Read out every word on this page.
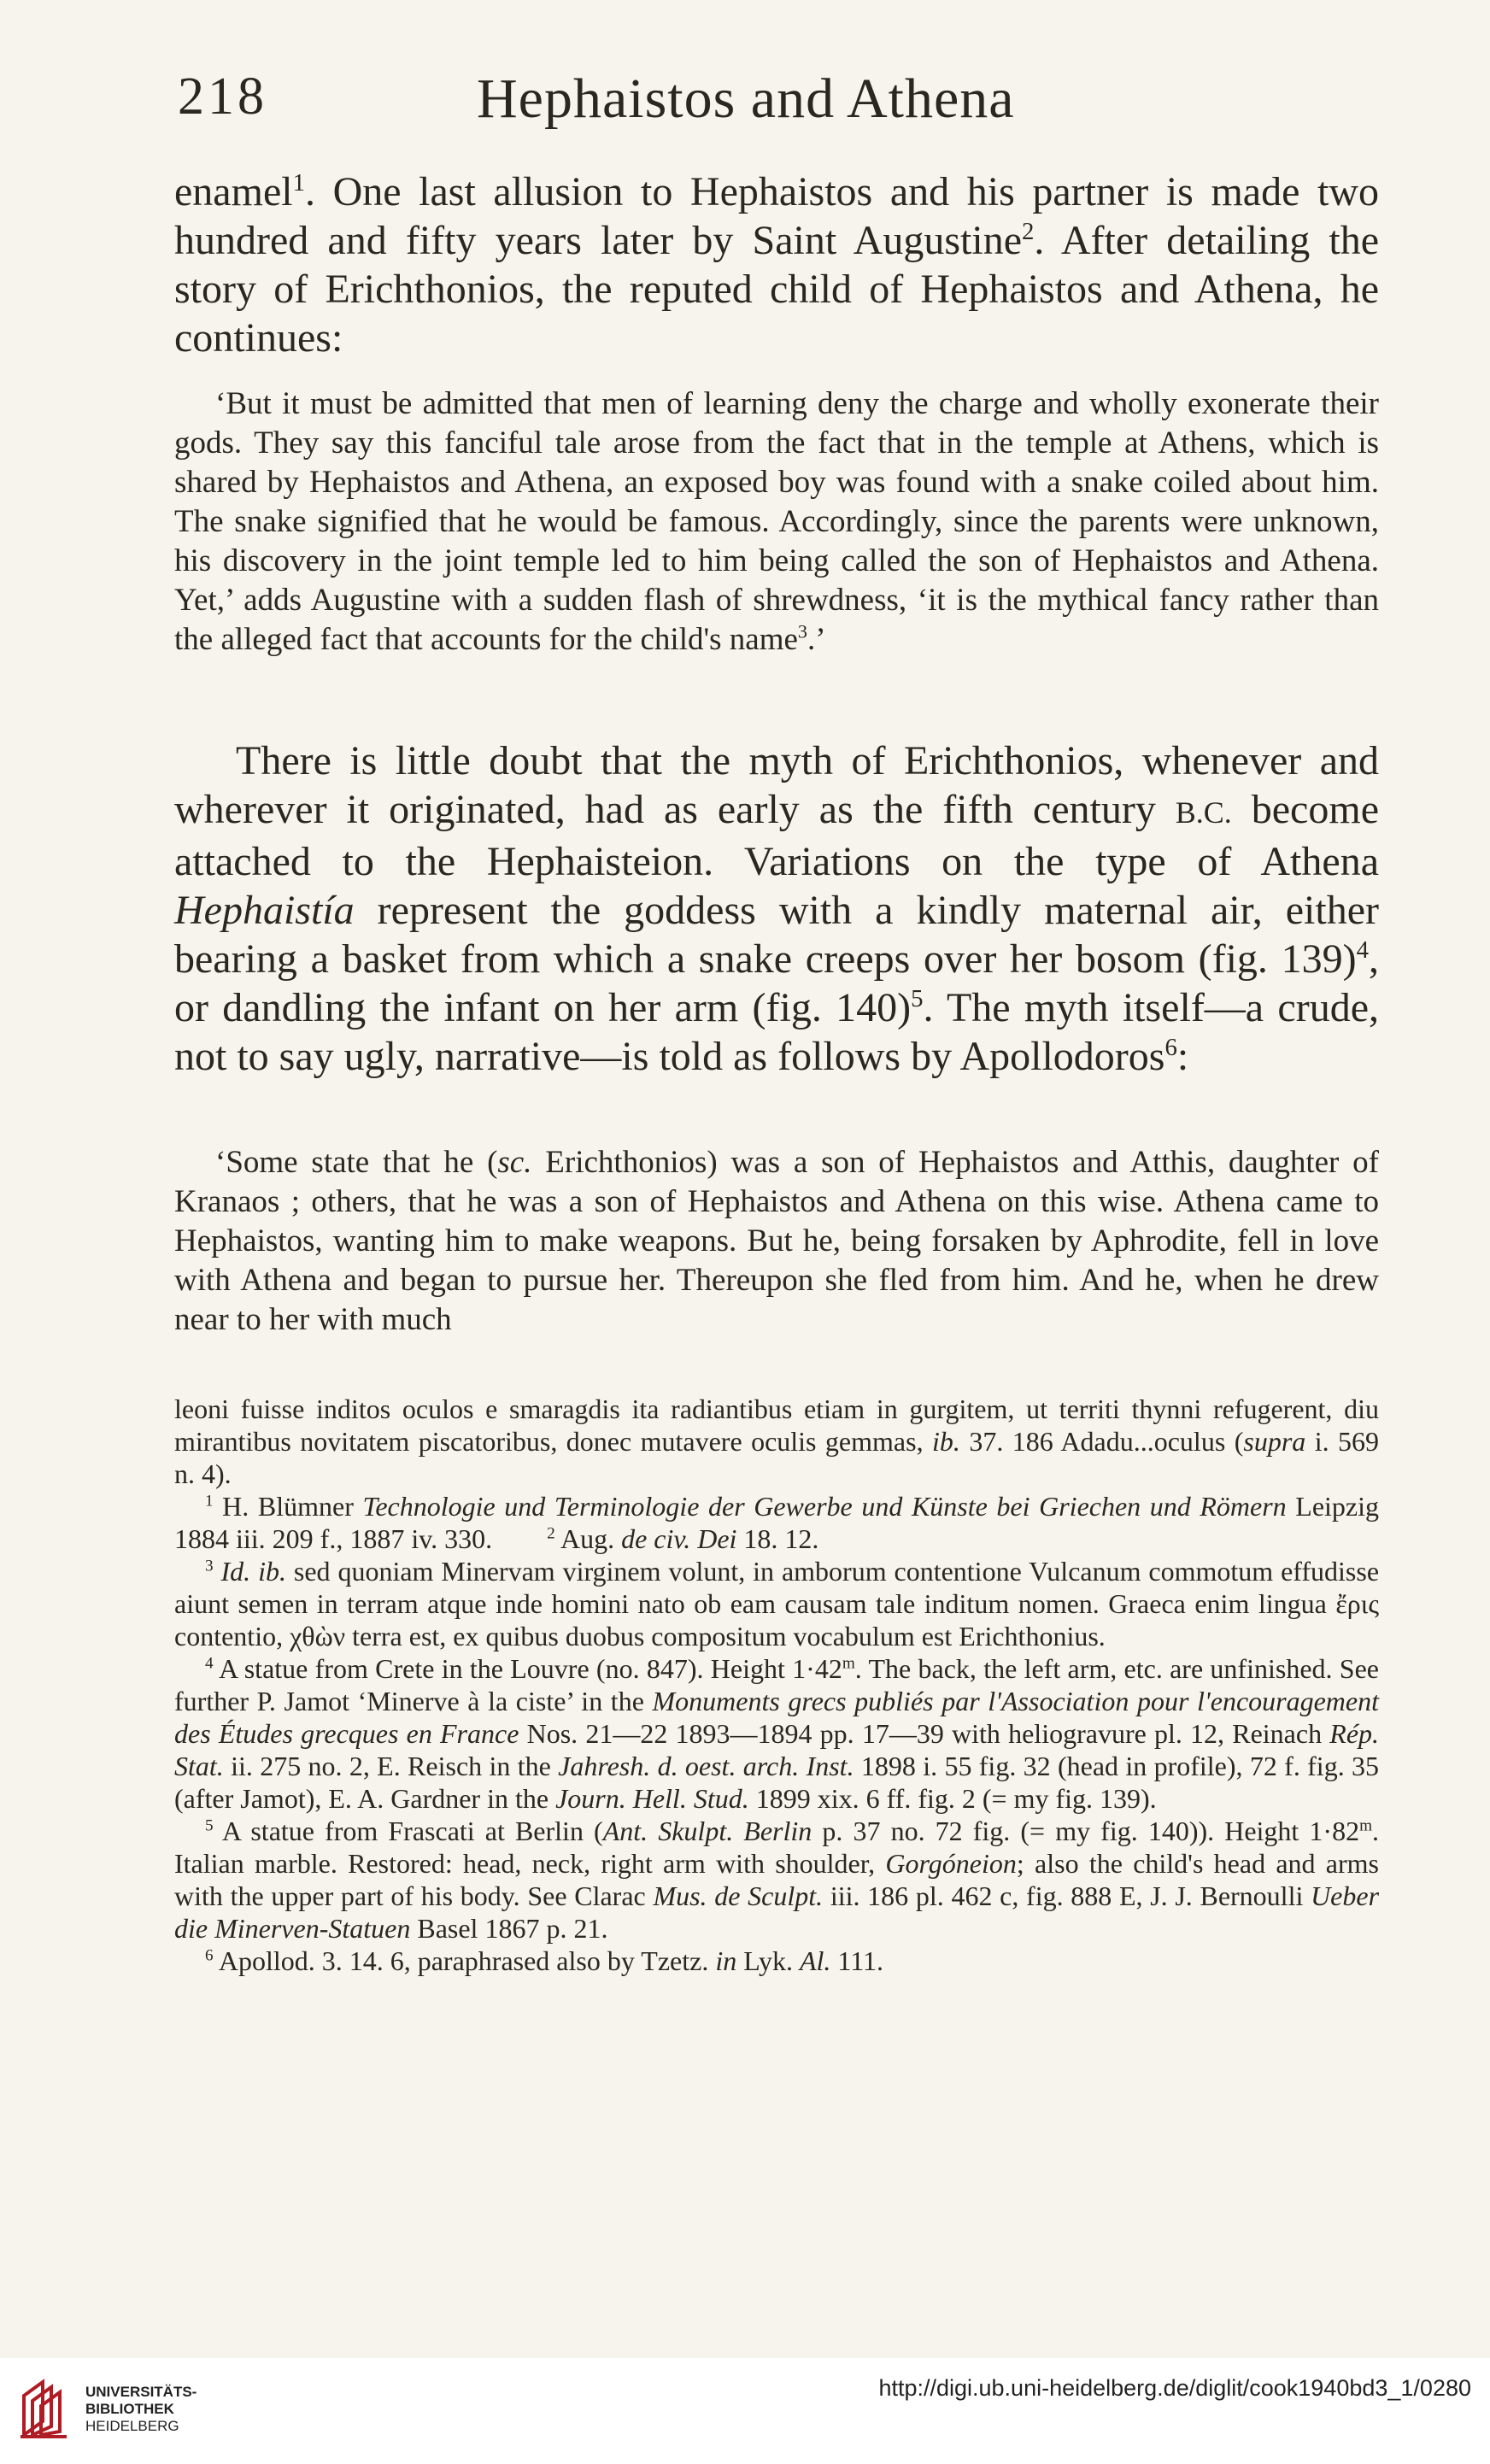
218	Hephaistos and Athena

enamel$^1$. One last allusion to Hephaistos and his partner is made two hundred and fifty years later by Saint Augustine$^2$. After detailing the story of Erichthonios, the reputed child of Hephaistos and Athena, he continues:

‘But it must be admitted that men of learning deny the charge and wholly exonerate their gods. They say this fanciful tale arose from the fact that in the temple at Athens, which is shared by Hephaistos and Athena, an exposed boy was found with a snake coiled about him. The snake signified that he would be famous. Accordingly, since the parents were unknown, his discovery in the joint temple led to him being called the son of Hephaistos and Athena. Yet,’ adds Augustine with a sudden flash of shrewdness, ‘it is the mythical fancy rather than the alleged fact that accounts for the child's name$^3$.’

There is little doubt that the myth of Erichthonios, whenever and wherever it originated, had as early as the fifth century B.C. become attached to the Hephaisteion. Variations on the type of Athena Hephaistía represent the goddess with a kindly maternal air, either bearing a basket from which a snake creeps over her bosom (fig. 139)$^4$, or dandling the infant on her arm (fig. 140)$^5$. The myth itself—a crude, not to say ugly, narrative—is told as follows by Apollodoros$^6$:

‘Some state that he (sc. Erichthonios) was a son of Hephaistos and Atthis, daughter of Kranaos ; others, that he was a son of Hephaistos and Athena on this wise. Athena came to Hephaistos, wanting him to make weapons. But he, being forsaken by Aphrodite, fell in love with Athena and began to pursue her. Thereupon she fled from him. And he, when he drew near to her with much

leoni fuisse inditos oculos e smaragdis ita radiantibus etiam in gurgitem, ut territi thynni refugerent, diu mirantibus novitatem piscatoribus, donec mutavere oculis gemmas, ib. 37. 186 Adadu...oculus (supra i. 569 n. 4).

$^1$ H. Blümner Technologie und Terminologie der Gewerbe und Künste bei Griechen und Römern Leipzig 1884 iii. 209 f., 1887 iv. 330.  	$^2$ Aug. de civ. Dei 18. 12.

$^3$ Id. ib. sed quoniam Minervam virginem volunt, in amborum contentione Vulcanum commotum effudisse aiunt semen in terram atque inde homini nato ob eam causam tale inditum nomen. Graeca enim lingua ἔρις contentio, χθὼν terra est, ex quibus duobus compositum vocabulum est Erichthonius.

$^4$ A statue from Crete in the Louvre (no. 847). Height $1\cdot 42^m$. The back, the left arm, etc. are unfinished. See further P. Jamot ‘Minerve à la ciste’ in the Monuments grecs publiés par l'Association pour l'encouragement des Études grecques en France Nos. 21—22 1893—1894 pp. 17—39 with heliogravure pl. 12, Reinach Rép. Stat. ii. 275 no. 2, E. Reisch in the Jahresh. d. oest. arch. Inst. 1898 i. 55 fig. 32 (head in profile), 72 f. fig. 35 (after Jamot), E. A. Gardner in the Journ. Hell. Stud. 1899 xix. 6 ff. fig. 2 (= my fig. 139).

$^5$ A statue from Frascati at Berlin (Ant. Skulpt. Berlin p. 37 no. 72 fig. (= my fig. 140)). Height $1\cdot 82^m$. Italian marble. Restored: head, neck, right arm with shoulder, Gorgóneion; also the child's head and arms with the upper part of his body. See Clarac Mus. de Sculpt. iii. 186 pl. 462 c, fig. 888 E, J. J. Bernoulli Ueber die Minerven-Statuen Basel 1867 p. 21.

$^6$ Apollod. 3. 14. 6, paraphrased also by Tzetz. in Lyk. Al. 111.

UNIVERSITÄTS-
BIBLIOTHEK
HEIDELBERG
http://digi.ub.uni-heidelberg.de/diglit/cook1940bd3_1/0280
